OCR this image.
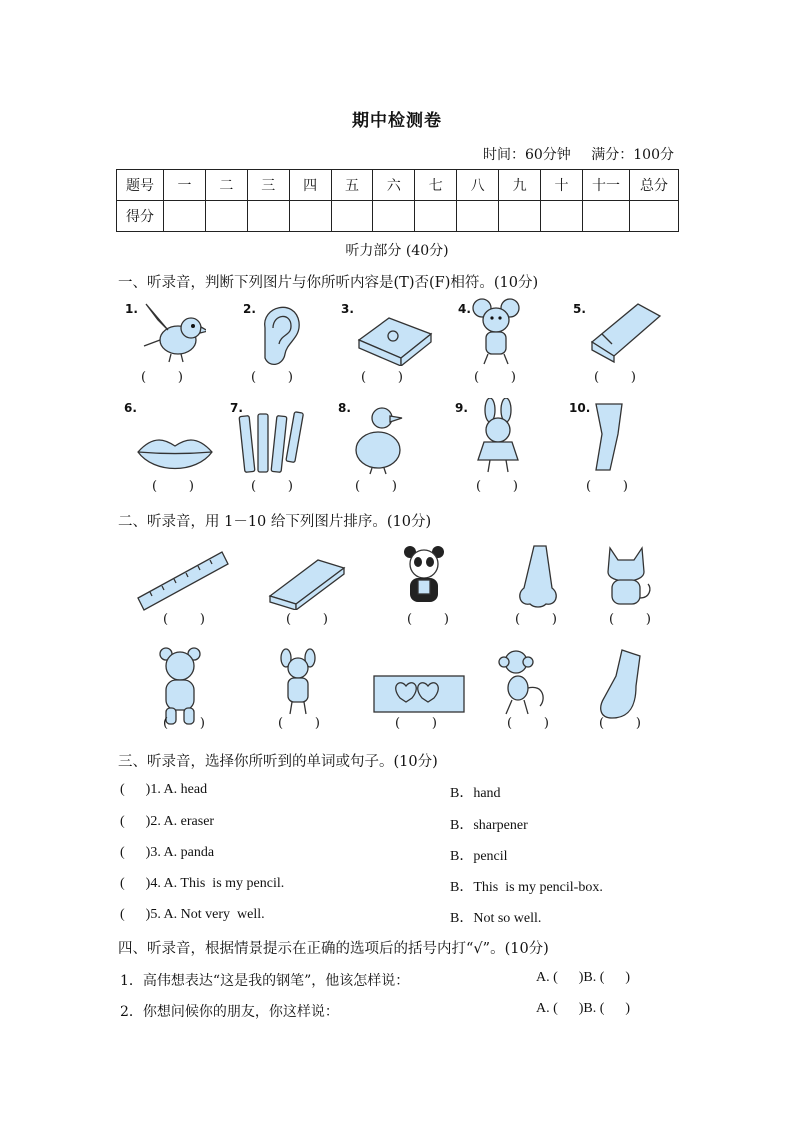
期中检测卷
时间：60分钟 满分：100分
题号	一	二	三	四	五	六	七	八	九	十	十一	总分
得分												
听力部分 (40分)
一、听录音，判断下列图片与你所听内容是(T)否(F)相符。(10分)
1.
(      )
2.
(      )
3.
(      )
4.
(      )
5.
(      )
6.
(      )
7.
(      )
8.
(      )
9.
(      )
10.
(      )
二、听录音，用 1－10 给下列图片排序。(10分)
(      )	(      )	(      )	(      )	(      )
(      )	(      )	(      )	(      )	(      )
三、听录音，选择你所听到的单词或句子。(10分)
(      )1. A. head	B．hand
(      )2. A. eraser	B．sharpener
(      )3. A. panda	B．pencil
(      )4. A. This  is my pencil.	B．This  is my pencil-box.
(      )5. A. Not very  well.	B．Not so well.
四、听录音，根据情景提示在正确的选项后的括号内打“√”。(10分)
1．高伟想表达“这是我的钢笔”，他该怎样说：	A. (      )B. (      )
2．你想问候你的朋友，你这样说：	A. (      )B. (      )
